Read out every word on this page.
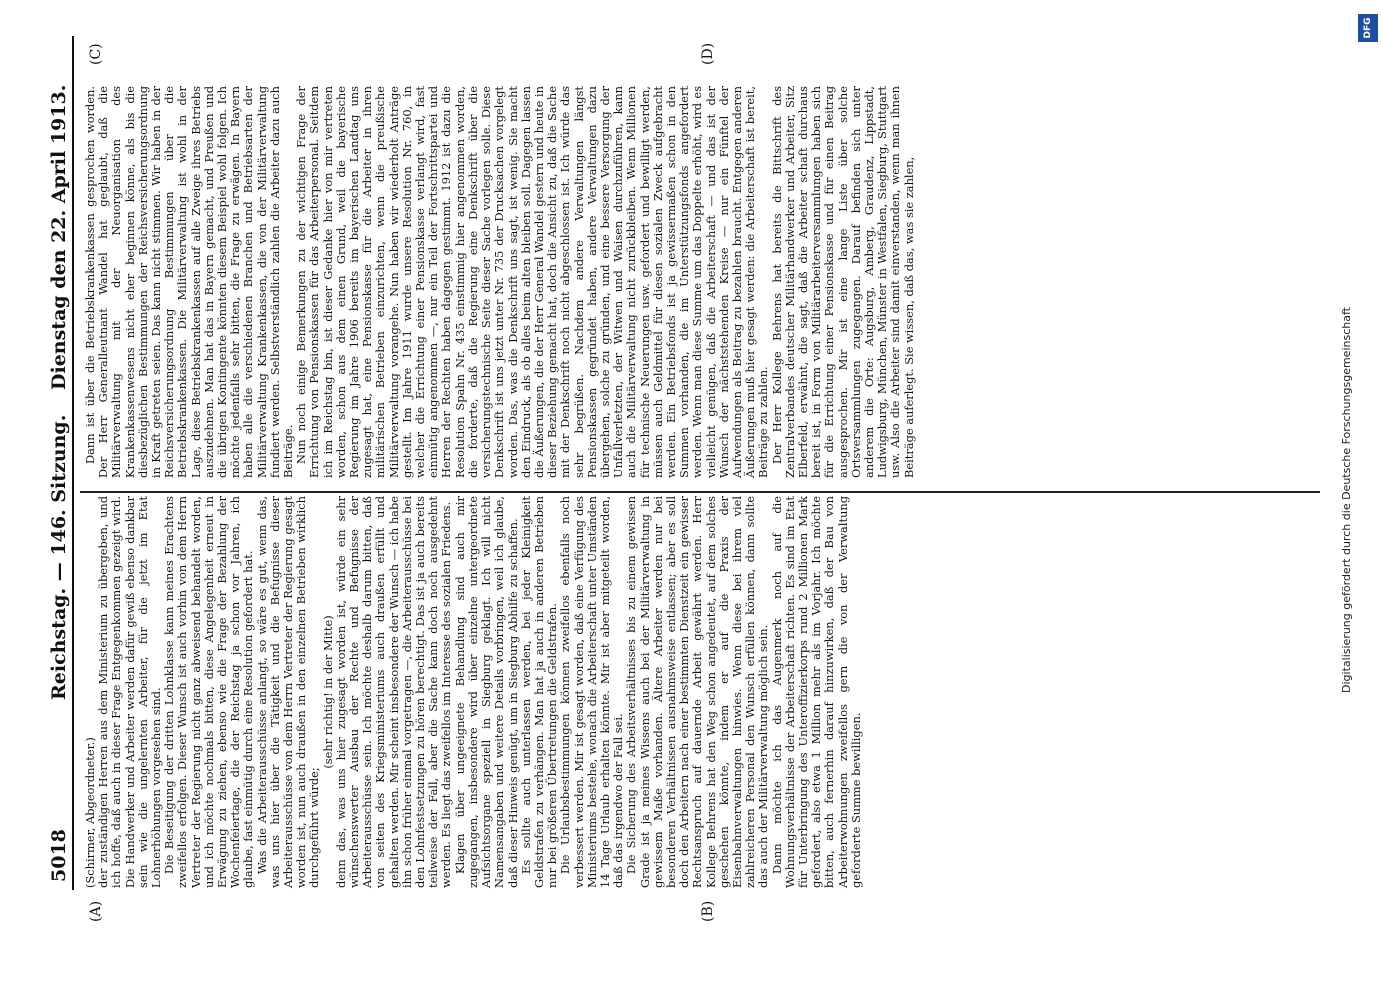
5018
Reichstag. — 146. Sitzung.
Dienstag den 22. April 1913.
(A)	(B)
(C)	(D)

(Schirmer, Abgeordneter.) der zuständigen Herren aus dem Ministerium zu übergeben, und ich hoffe, daß auch in dieser Frage Entgegenkommen gezeigt wird. Die Handwerker und Arbeiter werden dafür gewiß ebenso dankbar sein wie die ungelernten Arbeiter, für die jetzt im Etat Lohnerhöhungen vorgesehen sind. Die Beseitigung der dritten Lohnklasse kann meines Erachtens zweifellos erfolgen. Dieser Wunsch ist auch vorhin von dem Herrn Vertreter der Regierung nicht ganz abweisend behandelt worden, und ich möchte nochmals bitten, diese Angelegenheit erneut in Erwägung zu ziehen, ebenso wie die Frage der Bezahlung der Wochenfeiertage, die der Reichstag ja schon vor Jahren, ich glaube, fast einmütig durch eine Resolution gefordert hat. Was die Arbeiterausschüsse anlangt, so wäre es gut, wenn das, was uns hier über die Tätigkeit und die Befugnisse dieser Arbeiterausschüsse von dem Herrn Vertreter der Regierung gesagt worden ist, nun auch draußen in den einzelnen Betrieben wirklich durchgeführt würde;

(sehr richtig! in der Mitte) denn das, was uns hier zugesagt worden ist, würde ein sehr wünschenswerter Ausbau der Rechte und Befugnisse der Arbeiterausschüsse sein. Ich möchte deshalb darum bitten, daß von seiten des Kriegsministeriums auch draußen erfüllt und gehalten werden. Mir scheint insbesondere der Wunsch — ich habe ihn schon früher einmal vorgetragen —, die Arbeiterausschüsse bei den Lohnfestsetzungen zu hören berechtigt. Das ist ja auch bereits teilweise der Fall, aber die Sache kann doch noch ausgedehnt werden. Es liegt das zweifellos im Interesse des sozialen Friedens. Klagen über ungeeignete Behandlung sind auch mir zugegangen, insbesondere wird über einzelne untergeordnete Aufsichtsorgane speziell in Siegburg geklagt. Ich will nicht Namensangaben und weitere Details vorbringen, weil ich glaube, daß dieser Hinweis genügt, um in Siegburg Abhilfe zu schaffen. Es sollte auch unterlassen werden, bei jeder Kleinigkeit Geldstrafen zu verhängen. Man hat ja auch in anderen Betrieben nur bei größeren Übertretungen die Geldstrafen. Die Urlaubsbestimmungen können zweifellos ebenfalls noch verbessert werden. Mir ist gesagt worden, daß eine Verfügung des Ministeriums bestehe, wonach die Arbeiterschaft unter Umständen 14 Tage Urlaub erhalten könnte. Mir ist aber mitgeteilt worden, daß das irgendwo der Fall sei. Die Sicherung des Arbeitsverhältnisses bis zu einem gewissen Grade ist ja meines Wissens auch bei der Militärverwaltung in gewissem Maße vorhanden. Ältere Arbeiter werden nur bei besonderen Verhältnissen ausnahmsweise entlassen; aber es soll doch den Arbeitern nach einer bestimmten Dienstzeit ein gewisser Rechtsanspruch auf dauernde Arbeit gewährt werden. Herr Kollege Behrens hat den Weg schon angedeutet, auf dem solches geschehen könnte, indem er auf die Praxis der Eisenbahnverwaltungen hinwies. Wenn diese bei ihrem viel zahlreicheren Personal den Wunsch erfüllen können, dann sollte das auch der Militärverwaltung möglich sein. Dann möchte ich das Augenmerk noch auf die Wohnungsverhältnisse der Arbeiterschaft richten. Es sind im Etat für Unterbringung des Unteroffizierkorps rund 2 Millionen Mark gefordert, also etwa 1 Million mehr als im Vorjahr. Ich möchte bitten, auch fernerhin darauf hinzuwirken, daß der Bau von Arbeiterwohnungen zweifellos gern die von der Verwaltung geforderte Summe bewilligen.

Dann ist über die Betriebskrankenkassen gesprochen worden. Der Herr Generalleutnant Wandel hat geglaubt, daß die Militärverwaltung mit der Neuorganisation des Krankenkassenwesens nicht eher beginnen könne, als bis die diesbezüglichen Bestimmungen der Reichsversicherungsordnung in Kraft getreten seien. Das kann nicht stimmen. Wir haben in der Reichsversicherungsordnung Bestimmungen über die Betriebskrankenkassen. Die Militärverwaltung ist wohl in der Lage, diese Betriebskrankenkassen auf alle Zweige ihres Betriebs auszudehnen. Man hat das in Bayern gemacht, und Preußen und die übrigen Kontingente könnten diesem Beispiel wohl folgen. Ich möchte jedenfalls sehr bitten, die Frage zu erwägen. In Bayern haben alle die verschiedenen Branchen und Betriebsarten der Militärverwaltung Krankenkassen, die von der Militärverwaltung fundiert werden. Selbstverständlich zahlen die Arbeiter dazu auch Beiträge. Nun noch einige Bemerkungen zu der wichtigen Frage der Errichtung von Pensionskassen für das Arbeiterpersonal. Seitdem ich im Reichstag bin, ist dieser Gedanke hier von mir vertreten worden, schon aus dem einen Grund, weil die bayerische Regierung im Jahre 1906 bereits im bayerischen Landtag uns zugesagt hat, eine Pensionskasse für die Arbeiter in ihren militärischen Betrieben einzurichten, wenn die preußische Militärverwaltung vorangehe. Nun haben wir wiederholt Anträge gestellt. Im Jahre 1911 wurde unsere Resolution Nr. 760, in welcher die Errichtung einer Pensionskasse verlangt wird, fast einmütig angenommen —, nur ein Teil der Fortschrittspartei und Herren der Rechten haben dagegen gestimmt. 1912 ist dazu die Resolution Spahn Nr. 435 einstimmig hier angenommen worden, die forderte, daß die Regierung eine Denkschrift über die versicherungstechnische Seite dieser Sache vorlegen solle. Diese Denkschrift ist uns jetzt unter Nr. 735 der Drucksachen vorgelegt worden. Das, was die Denkschrift uns sagt, ist wenig. Sie macht den Eindruck, als ob alles beim alten bleiben soll. Dagegen lassen die Äußerungen, die der Herr General Wandel gestern und heute in dieser Beziehung gemacht hat, doch die Ansicht zu, daß die Sache mit der Denkschrift noch nicht abgeschlossen ist. Ich würde das sehr begrüßen. Nachdem andere Verwaltungen längst Pensionskassen gegründet haben, andere Verwaltungen dazu übergehen, solche zu gründen, und eine bessere Versorgung der Unfallverletzten, der Witwen und Waisen durchzuführen, kann auch die Militärverwaltung nicht zurückbleiben. Wenn Millionen für technische Neuerungen usw. gefordert und bewilligt werden, müssen auch Geldmittel für diesen sozialen Zweck aufgebracht werden. Ein Betriebsfonds ist ja gewissermaßen schon in den Summen vorhanden, die im Unterstützungsfonds angefordert werden. Wenn man diese Summe um das Doppelte erhöht, wird es vielleicht genügen, daß die Arbeiterschaft — und das ist der Wunsch der nächststehenden Kreise — nur ein Fünftel der Aufwendungen als Beitrag zu bezahlen braucht. Entgegen anderen Äußerungen muß hier gesagt werden: die Arbeiterschaft ist bereit, Beiträge zu zahlen. Der Herr Kollege Behrens hat bereits die Bittschrift des Zentralverbandes deutscher Militärhandwerker und Arbeiter, Sitz Elberfeld, erwähnt, die sagt, daß die Arbeiter schaft durchaus bereit ist, in Form von Militärarbeiterversammlungen haben sich für die Errichtung einer Pensionskasse und für einen Beitrag ausgesprochen. Mir ist eine lange Liste über solche Ortsversammlungen zugegangen. Darauf befinden sich unter anderem die Orte: Augsburg, Amberg, Graudenz, Lippstadt, Ludwigsburg, München, Münster in Westfalen, Siegburg, Stuttgart usw. Also die Arbeiter sind damit einverstanden, wenn man ihnen Beiträge auferlegt. Sie wissen, daß das, was sie zahlen,	Digitalisierung gefördert durch die Deutsche Forschungsgemeinschaft
DFG
